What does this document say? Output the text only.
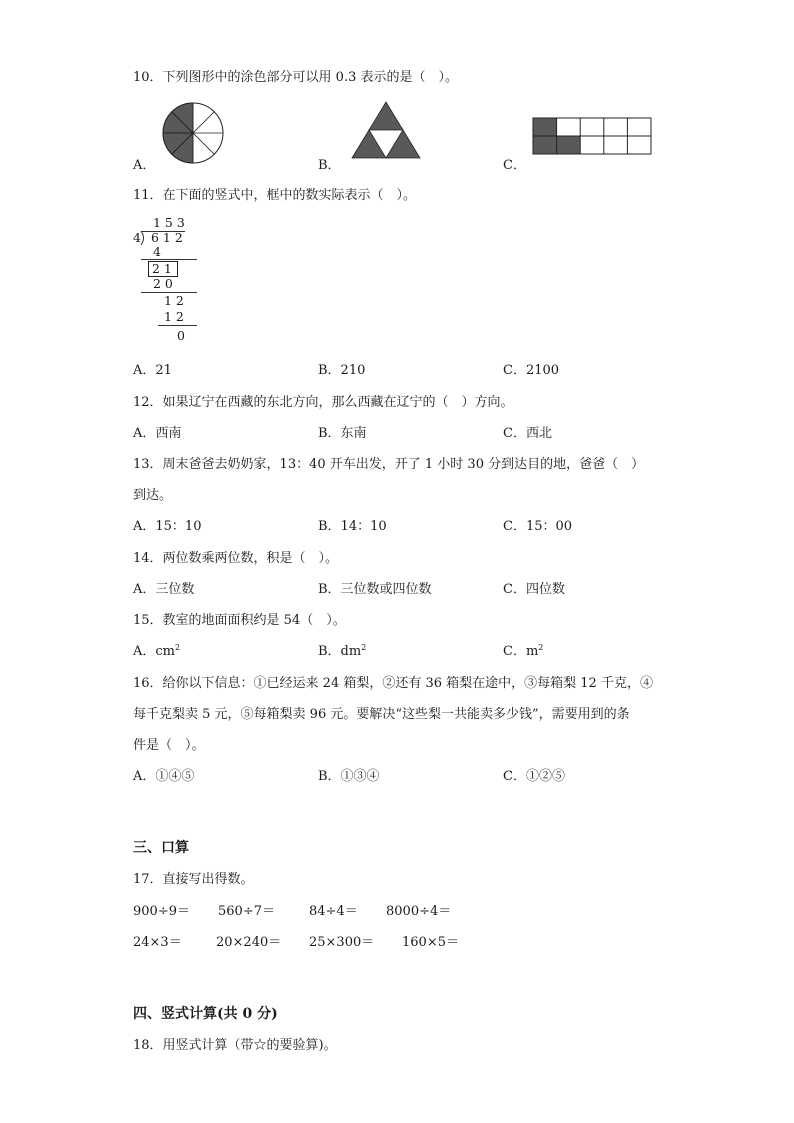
10．下列图形中的涂色部分可以用 0.3 表示的是（　）。
A．	B．	C．
11．在下面的竖式中，框中的数实际表示（　）。
1 5 3
4 6 1 2
4
2 1
2 0
1 2
1 2
0
A．21	B．210	C．2100
12．如果辽宁在西藏的东北方向，那么西藏在辽宁的（　）方向。
A．西南	B．东南	C．西北
13．周末爸爸去奶奶家，13：40 开车出发，开了 1 小时 30 分到达目的地，爸爸（　）
到达。
A．15：10	B．14：10	C．15：00
14．两位数乘两位数，积是（　）。
A．三位数	B．三位数或四位数	C．四位数
15．教室的地面面积约是 54（　）。
A．$cm^2$	B．$dm^2$	C．$m^2$
16．给你以下信息：①已经运来 24 箱梨，②还有 36 箱梨在途中，③每箱梨 12 千克，④
每千克梨卖 5 元，⑤每箱梨卖 96 元。要解决“这些梨一共能卖多少钱”，需要用到的条
件是（　）。
A．①④⑤	B．①③④	C．①②⑤
三、口算
17．直接写出得数。
900÷9＝ 560÷7＝	84÷4＝ 8000÷4＝
24×3＝	20×240＝ 25×300＝ 160×5＝
四、竖式计算(共 0 分)
18．用竖式计算（带☆的要验算)。
